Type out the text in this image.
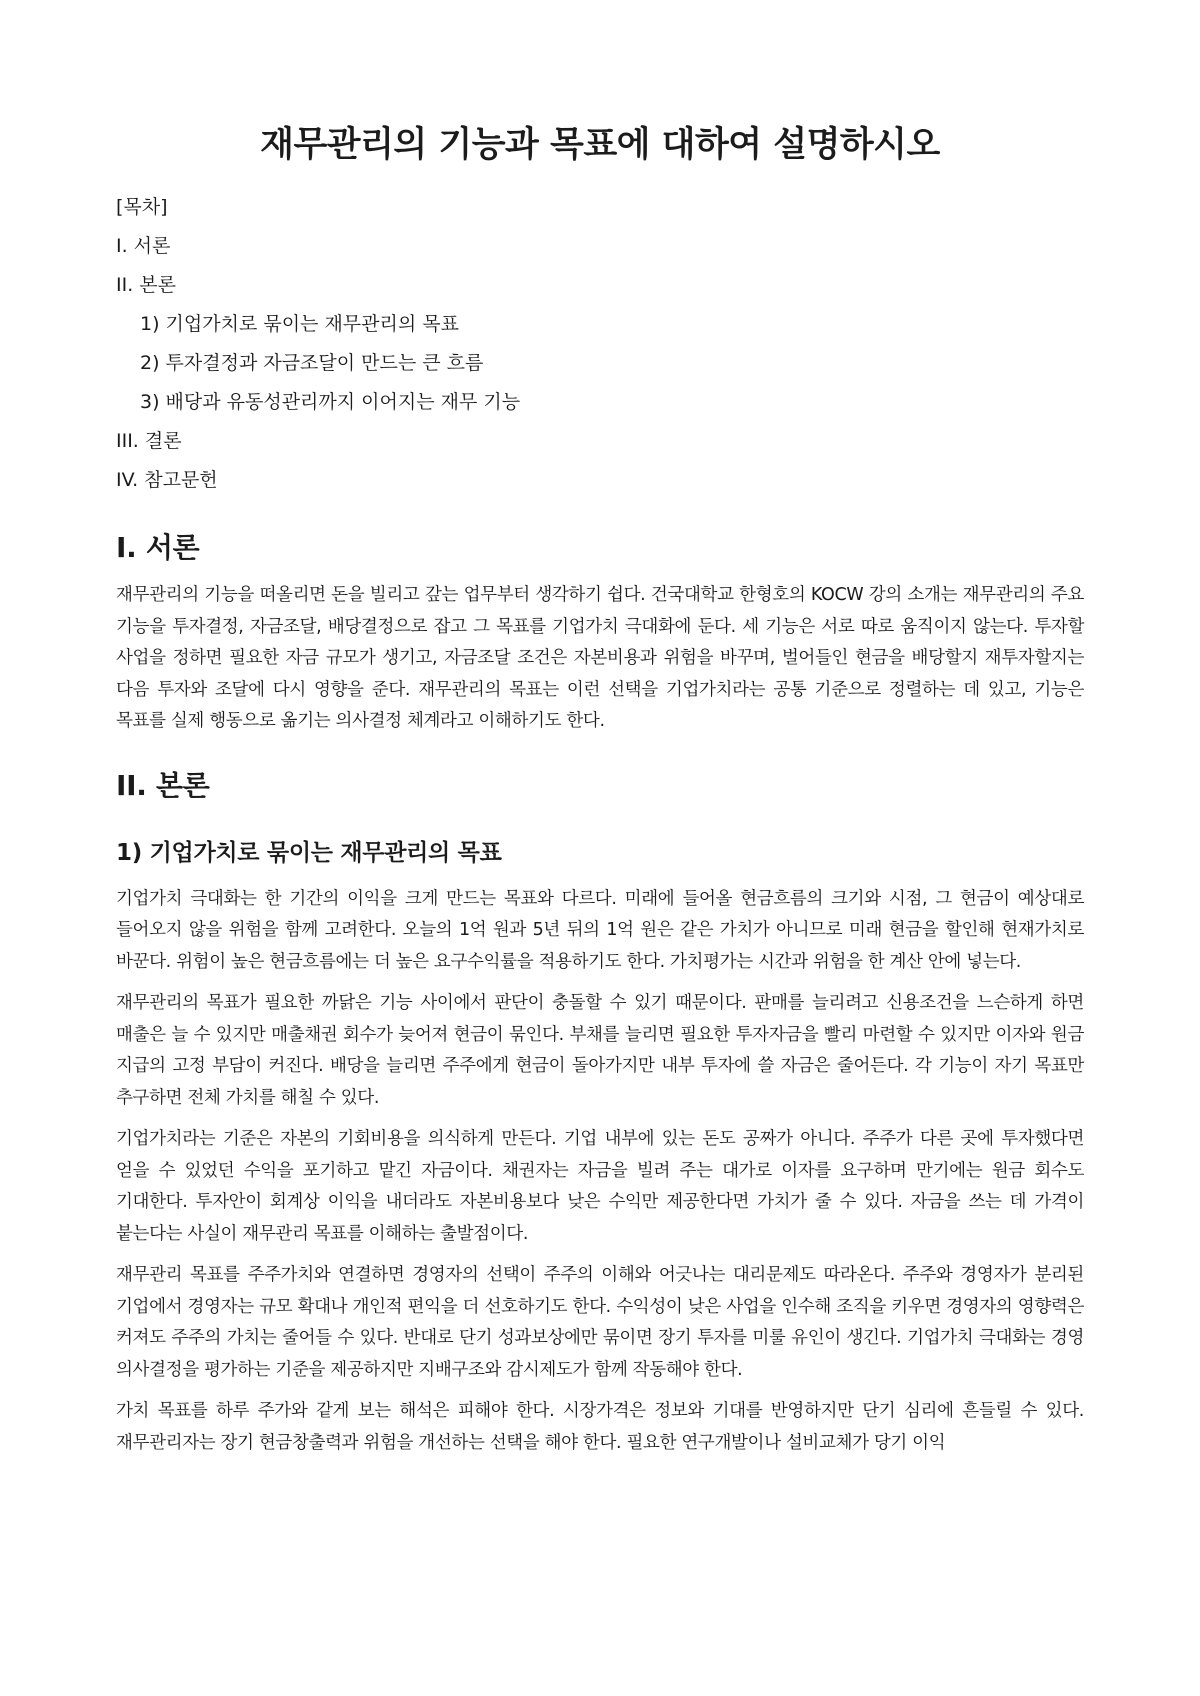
재무관리의 기능과 목표에 대하여 설명하시오
[목차]
I. 서론
II. 본론
1) 기업가치로 묶이는 재무관리의 목표
2) 투자결정과 자금조달이 만드는 큰 흐름
3) 배당과 유동성관리까지 이어지는 재무 기능
III. 결론
IV. 참고문헌
I. 서론

재무관리의 기능을 떠올리면 돈을 빌리고 갚는 업무부터 생각하기 쉽다. 건국대학교 한형호의 KOCW 강의 소개는 재무관리의 주요 기능을 투자결정, 자금조달, 배당결정으로 잡고 그 목표를 기업가치 극대화에 둔다. 세 기능은 서로 따로 움직이지 않는다. 투자할 사업을 정하면 필요한 자금 규모가 생기고, 자금조달 조건은 자본비용과 위험을 바꾸며, 벌어들인 현금을 배당할지 재투자할지는 다음 투자와 조달에 다시 영향을 준다. 재무관리의 목표는 이런 선택을 기업가치라는 공통 기준으로 정렬하는 데 있고, 기능은 목표를 실제 행동으로 옮기는 의사결정 체계라고 이해하기도 한다.

II. 본론
1) 기업가치로 묶이는 재무관리의 목표

기업가치 극대화는 한 기간의 이익을 크게 만드는 목표와 다르다. 미래에 들어올 현금흐름의 크기와 시점, 그 현금이 예상대로 들어오지 않을 위험을 함께 고려한다. 오늘의 1억 원과 5년 뒤의 1억 원은 같은 가치가 아니므로 미래 현금을 할인해 현재가치로 바꾼다. 위험이 높은 현금흐름에는 더 높은 요구수익률을 적용하기도 한다. 가치평가는 시간과 위험을 한 계산 안에 넣는다.

재무관리의 목표가 필요한 까닭은 기능 사이에서 판단이 충돌할 수 있기 때문이다. 판매를 늘리려고 신용조건을 느슨하게 하면 매출은 늘 수 있지만 매출채권 회수가 늦어져 현금이 묶인다. 부채를 늘리면 필요한 투자자금을 빨리 마련할 수 있지만 이자와 원금 지급의 고정 부담이 커진다. 배당을 늘리면 주주에게 현금이 돌아가지만 내부 투자에 쓸 자금은 줄어든다. 각 기능이 자기 목표만 추구하면 전체 가치를 해칠 수 있다.

기업가치라는 기준은 자본의 기회비용을 의식하게 만든다. 기업 내부에 있는 돈도 공짜가 아니다. 주주가 다른 곳에 투자했다면 얻을 수 있었던 수익을 포기하고 맡긴 자금이다. 채권자는 자금을 빌려 주는 대가로 이자를 요구하며 만기에는 원금 회수도 기대한다. 투자안이 회계상 이익을 내더라도 자본비용보다 낮은 수익만 제공한다면 가치가 줄 수 있다. 자금을 쓰는 데 가격이 붙는다는 사실이 재무관리 목표를 이해하는 출발점이다.

재무관리 목표를 주주가치와 연결하면 경영자의 선택이 주주의 이해와 어긋나는 대리문제도 따라온다. 주주와 경영자가 분리된 기업에서 경영자는 규모 확대나 개인적 편익을 더 선호하기도 한다. 수익성이 낮은 사업을 인수해 조직을 키우면 경영자의 영향력은 커져도 주주의 가치는 줄어들 수 있다. 반대로 단기 성과보상에만 묶이면 장기 투자를 미룰 유인이 생긴다. 기업가치 극대화는 경영 의사결정을 평가하는 기준을 제공하지만 지배구조와 감시제도가 함께 작동해야 한다.

가치 목표를 하루 주가와 같게 보는 해석은 피해야 한다. 시장가격은 정보와 기대를 반영하지만 단기 심리에 흔들릴 수 있다. 재무관리자는 장기 현금창출력과 위험을 개선하는 선택을 해야 한다. 필요한 연구개발이나 설비교체가 당기 이익
